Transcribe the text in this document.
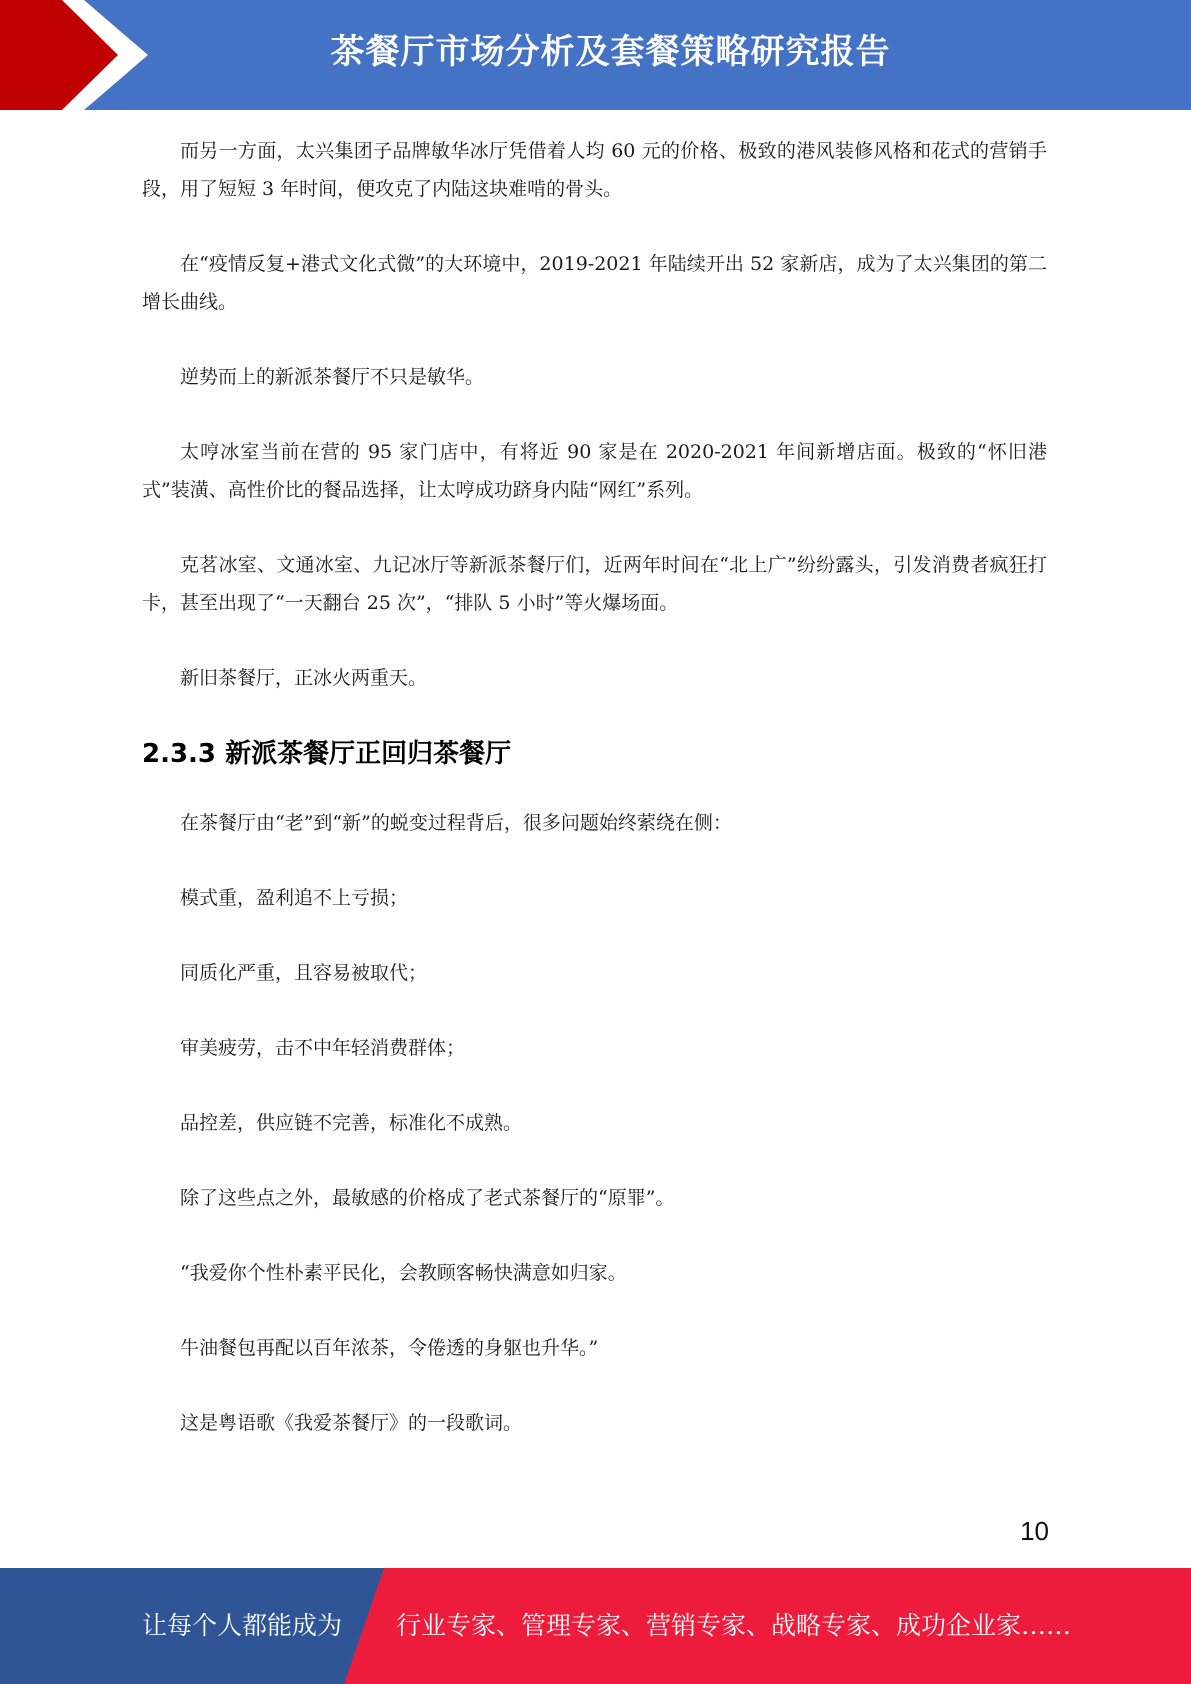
茶餐厅市场分析及套餐策略研究报告

而另一方面，太兴集团子品牌敏华冰厅凭借着人均 60 元的价格、极致的港风装修风格和花式的营销手段，用了短短 3 年时间，便攻克了内陆这块难啃的骨头。

在“疫情反复+港式文化式微”的大环境中，2019-2021 年陆续开出 52 家新店，成为了太兴集团的第二增长曲线。

逆势而上的新派茶餐厅不只是敏华。

太哼冰室当前在营的 95 家门店中，有将近 90 家是在 2020-2021 年间新增店面。极致的“怀旧港式”装潢、高性价比的餐品选择，让太哼成功跻身内陆“网红”系列。

克茗冰室、文通冰室、九记冰厅等新派茶餐厅们，近两年时间在“北上广”纷纷露头，引发消费者疯狂打卡，甚至出现了“一天翻台 25 次”，“排队 5 小时”等火爆场面。

新旧茶餐厅，正冰火两重天。

2.3.3 新派茶餐厅正回归茶餐厅

在茶餐厅由“老”到“新”的蜕变过程背后，很多问题始终萦绕在侧：

模式重，盈利追不上亏损；

同质化严重，且容易被取代；

审美疲劳，击不中年轻消费群体；

品控差，供应链不完善，标准化不成熟。

除了这些点之外，最敏感的价格成了老式茶餐厅的“原罪”。

“我爱你个性朴素平民化，会教顾客畅快满意如归家。

牛油餐包再配以百年浓茶，令倦透的身躯也升华。”

这是粤语歌《我爱茶餐厅》的一段歌词。

10
让每个人都能成为 行业专家、管理专家、营销专家、战略专家、成功企业家……
